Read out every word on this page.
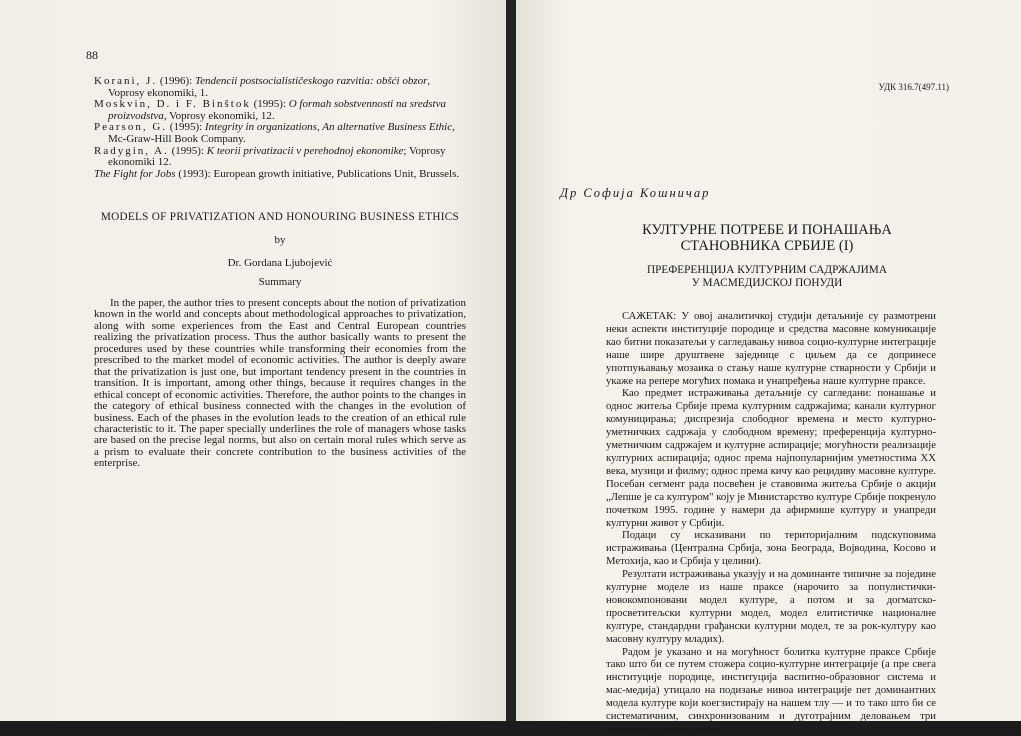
88

Korani, J. (1996): Tendencii postsocialističeskogo razvitia: obšći obzor, Voprosy ekonomiki, 1.

Moskvin, D. i F. Binštok (1995): O formah sobstvennosti na sredstva proizvodstva, Voprosy ekonomiki, 12.

Pearson, G. (1995): Integrity in organizations, An alternative Business Ethic, Mc-Graw-Hill Book Company.

Radygin, A. (1995): K teorii privatizacii v perehodnoj ekonomike; Voprosy ekonomiki 12.

The Fight for Jobs (1993): European growth initiative, Publications Unit, Brussels.

MODELS OF PRIVATIZATION AND HONOURING BUSINESS ETHICS
by
Dr. Gordana Ljubojević
Summary

In the paper, the author tries to present concepts about the notion of privatization known in the world and concepts about methodological approaches to privatization, along with some experiences from the East and Central European countries realizing the privatization process. Thus the author basically wants to present the procedures used by these countries while transforming their economies from the prescribed to the market model of economic activities. The author is deeply aware that the privatization is just one, but important tendency present in the countries in transition. It is important, among other things, because it requires changes in the ethical concept of economic activities. Therefore, the author points to the changes in the category of ethical business connected with the changes in the evolution of business. Each of the phases in the evolution leads to the creation of an ethical rule characteristic to it. The paper specially underlines the role of managers whose tasks are based on the precise legal norms, but also on certain moral rules which serve as a prism to evaluate their concrete contribution to the business activities of the enterprise.

УДК 316.7(497.11)
Др Софија Кошничар
КУЛТУРНЕ ПОТРЕБЕ И ПОНАШАЊА
СТАНОВНИКА СРБИЈЕ (I)
ПРЕФЕРЕНЦИЈА КУЛТУРНИМ САДРЖАЈИМА
У МАСМЕДИЈСКОЈ ПОНУДИ

САЖЕТАК: У овој аналитичкој студији детаљније су размотрени неки аспекти институције породице и средства масовне комуникације као битни показатељи у сагледавању нивоа социо-културне интеграције наше шире друштвене заједнице с циљем да се допринесе употпуњавању мозаика о стању наше културне стварности у Србији и укаже на репере могућих помака и унапређења наше културне праксе.

Као предмет истраживања детаљније су сагледани: понашање и однос житеља Србије према културним садржајима; канали културног комуницирања; диспрезија слободног времена и место културно-уметничких садржаја у слободном времену; преференција културно-уметничким садржајем и културне аспирације; могућности реализације културних аспирација; однос према најпопуларнијим уметностима XX века, музици и филму; однос према кичу као рецидиву масовне културе. Посебан сегмент рада посвећен је ставовима житеља Србије о акцији „Лепше је са културом" коју је Министарство културе Србије покренуло почетком 1995. године у намери да афирмише културу и унапреди културни живот у Србији.

Подаци су исказивани по територијалним подскуповима истраживања (Централна Србија, зона Београда, Војводина, Косово и Метохија, као и Србија у целини).

Резултати истраживања указују и на доминанте типичне за поједине културне моделе из наше праксе (нарочито за популистички-новокомпоновани модел културе, а потом и за догматско-просветитељски културни модел, модел елитистичке националне културе, стандардни грађански културни модел, те за рок-културу као масовну културу младих).

Радом је указано и на могућност болитка културне праксе Србије тако што би се путем стожера социо-културне интеграције (а пре свега институције породице, институција васпитно-образовног система и мас-медија) утицало на подизање нивоа интеграције пет доминантних модела културе који коегзистирају на нашем тлу — и то тако што би се систематичним, синхронизованим и дуготрајним деловањем три поменута стожера социо-
